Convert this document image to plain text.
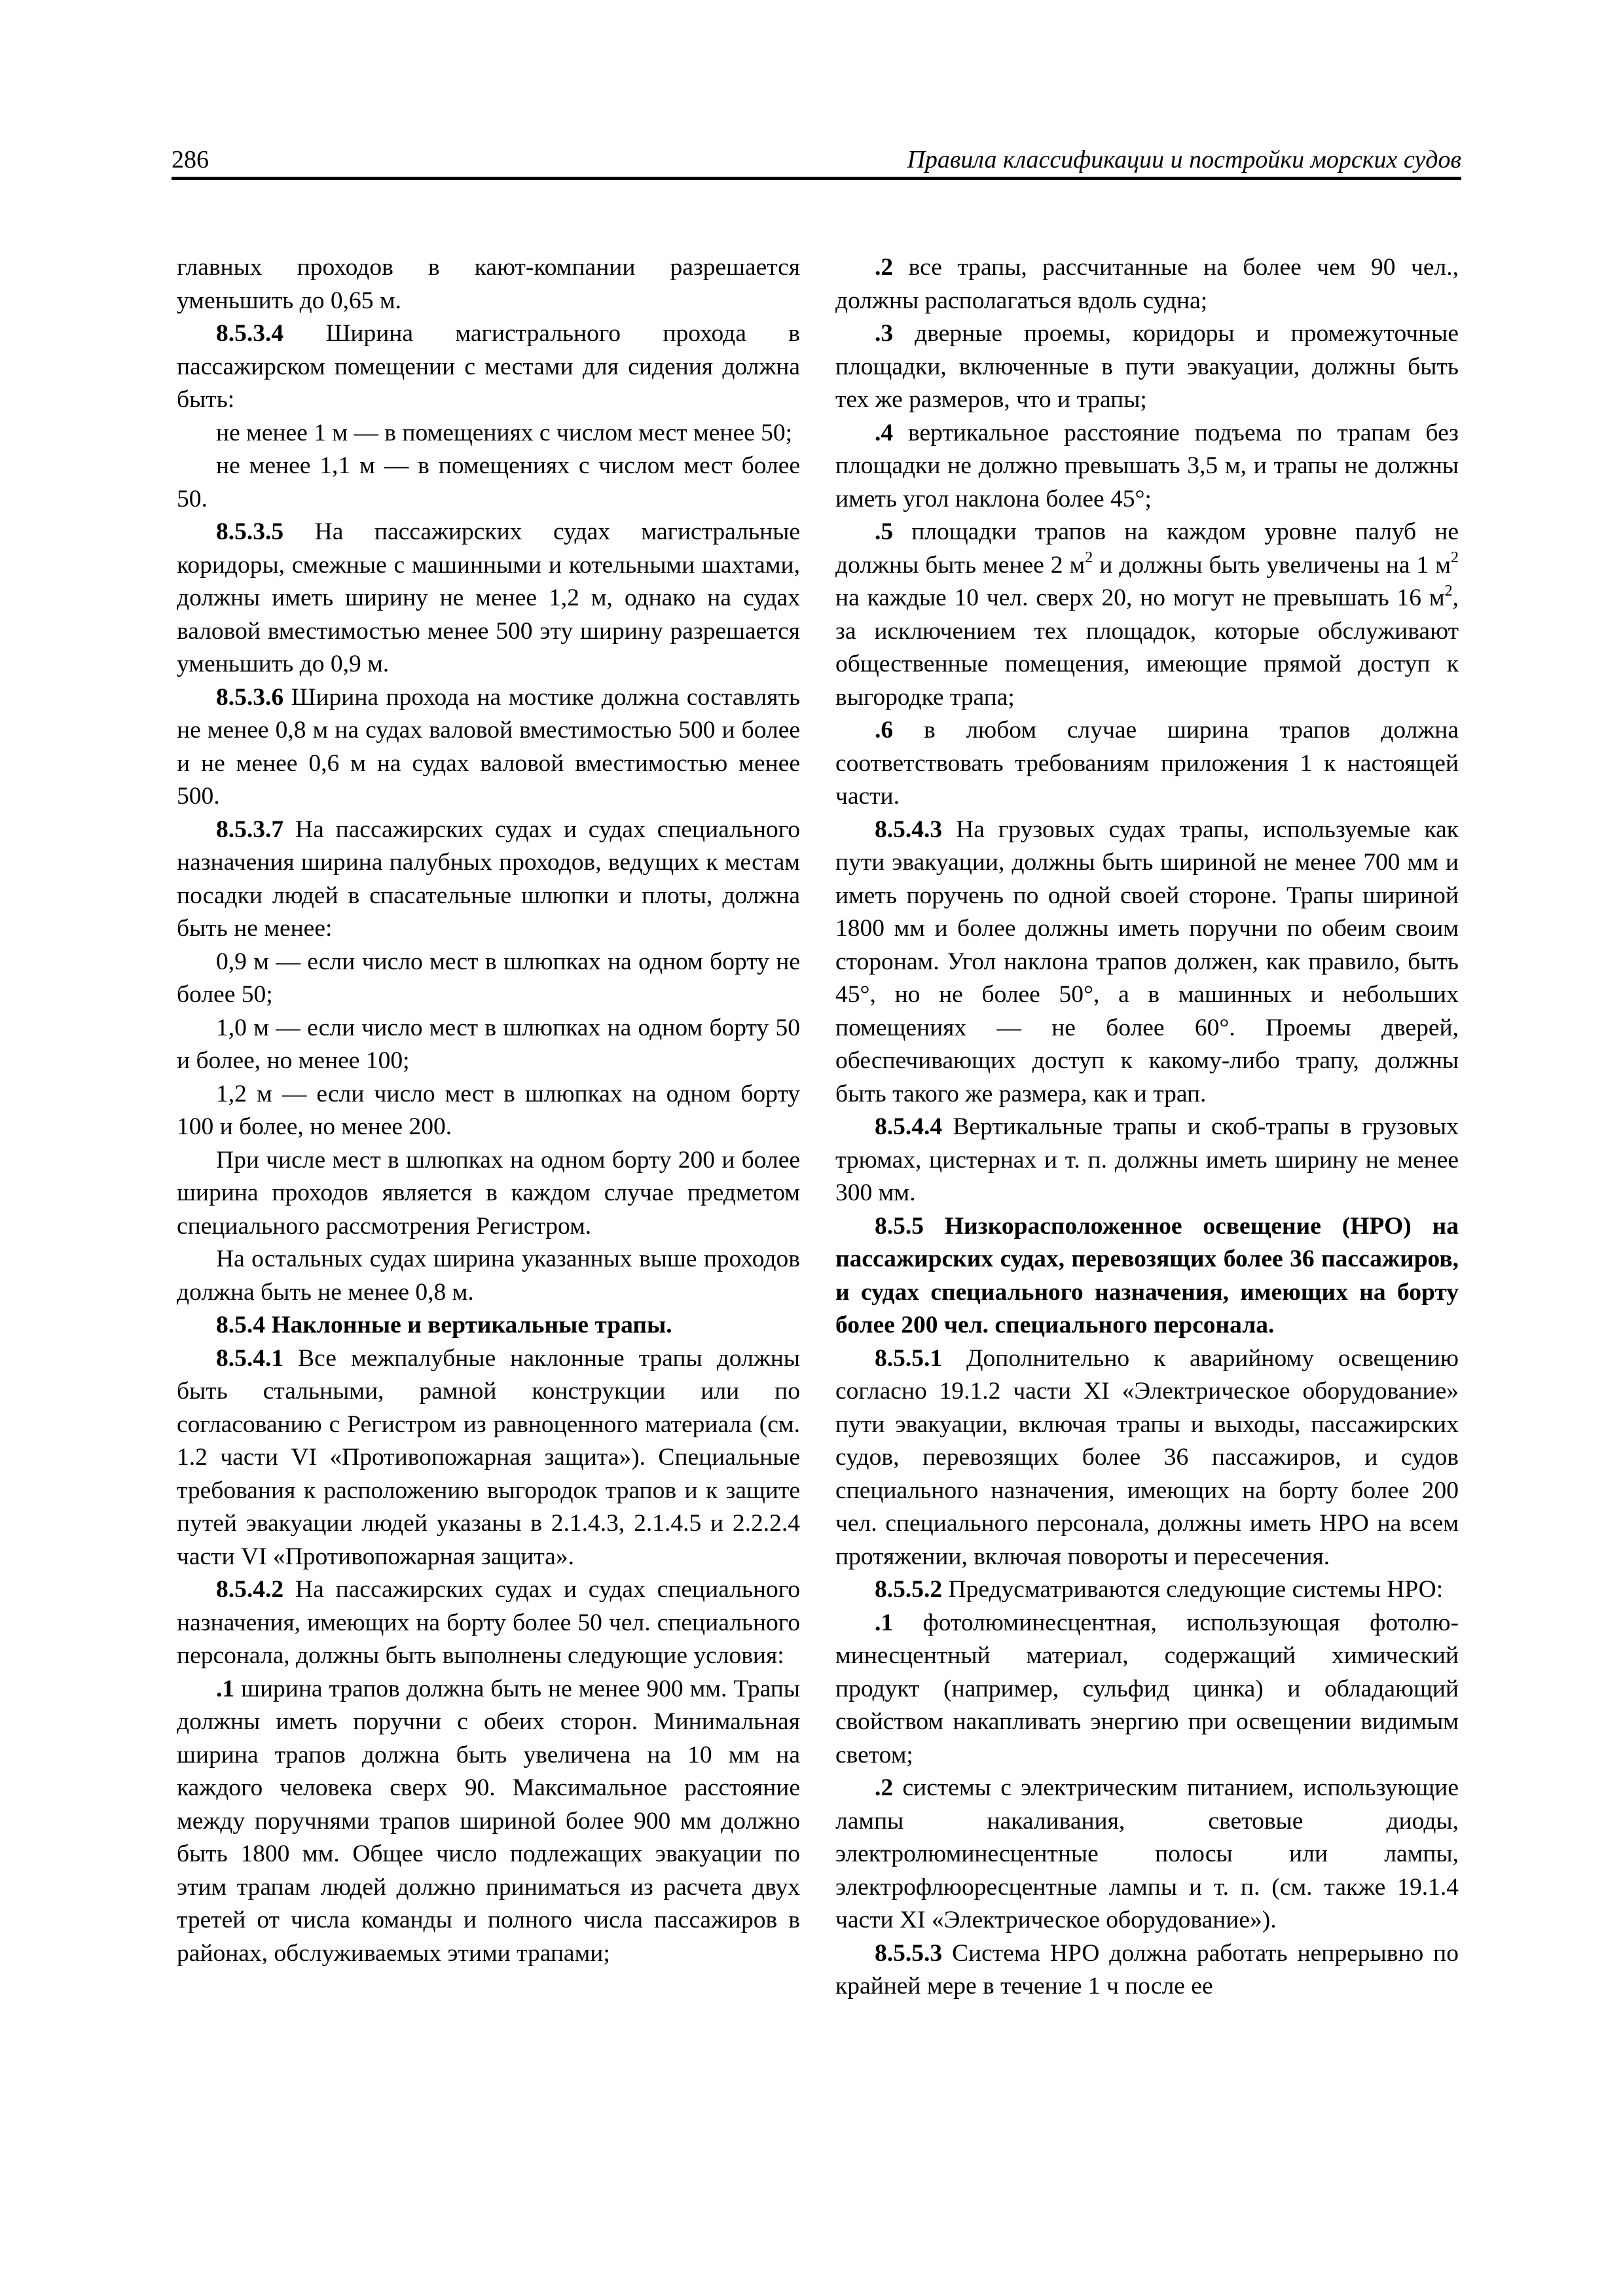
286	Правила классификации и постройки морских судов

главных проходов в кают-компании разрешается уменьшить до 0,65 м.

8.5.3.4 Ширина магистрального прохода в пассажирском помещении с местами для сидения должна быть:

не менее 1 м — в помещениях с числом мест менее 50;

не менее 1,1 м — в помещениях с числом мест более 50.

8.5.3.5 На пассажирских судах магистральные коридоры, смежные с машинными и котельными шахтами, должны иметь ширину не менее 1,2 м, однако на судах валовой вместимостью менее 500 эту ширину разрешается уменьшить до 0,9 м.

8.5.3.6 Ширина прохода на мостике должна составлять не менее 0,8 м на судах валовой вместимостью 500 и более и не менее 0,6 м на судах валовой вместимостью менее 500.

8.5.3.7 На пассажирских судах и судах специального назначения ширина палубных проходов, ведущих к местам посадки людей в спасательные шлюпки и плоты, должна быть не менее:

0,9 м — если число мест в шлюпках на одном борту не более 50;

1,0 м — если число мест в шлюпках на одном борту 50 и более, но менее 100;

1,2 м — если число мест в шлюпках на одном борту 100 и более, но менее 200.

При числе мест в шлюпках на одном борту 200 и более ширина проходов является в каждом случае предметом специального рассмотрения Регистром.

На остальных судах ширина указанных выше проходов должна быть не менее 0,8 м.

8.5.4 Наклонные и вертикальные трапы.

8.5.4.1 Все межпалубные наклонные трапы должны быть стальными, рамной конструкции или по согласованию с Регистром из равноценного материала (см. 1.2 части VI «Противопожарная защита»). Специальные требования к расположению выгородок трапов и к защите путей эвакуации людей указаны в 2.1.4.3, 2.1.4.5 и 2.2.2.4 части VI «Противопожарная защита».

8.5.4.2 На пассажирских судах и судах специального назначения, имеющих на борту более 50 чел. специального персонала, должны быть выполнены следующие условия:

.1 ширина трапов должна быть не менее 900 мм. Трапы должны иметь поручни с обеих сторон. Минимальная ширина трапов должна быть увеличена на 10 мм на каждого человека сверх 90. Максимальное расстояние между поручнями трапов шириной более 900 мм должно быть 1800 мм. Общее число подлежащих эвакуации по этим трапам людей должно приниматься из расчета двух третей от числа команды и полного числа пассажиров в районах, обслуживаемых этими трапами;

.2 все трапы, рассчитанные на более чем 90 чел., должны располагаться вдоль судна;

.3 дверные проемы, коридоры и промежуточные площадки, включенные в пути эвакуации, должны быть тех же размеров, что и трапы;

.4 вертикальное расстояние подъема по трапам без площадки не должно превышать 3,5 м, и трапы не должны иметь угол наклона более 45°;

.5 площадки трапов на каждом уровне палуб не должны быть менее 2 $м^2$ и должны быть увеличены на 1 $м^2$ на каждые 10 чел. сверх 20, но могут не превышать 16 $м^2$, за исключением тех площадок, которые обслуживают общественные помещения, имеющие прямой доступ к выгородке трапа;

.6 в любом случае ширина трапов должна соответствовать требованиям приложения 1 к настоящей части.

8.5.4.3 На грузовых судах трапы, используемые как пути эвакуации, должны быть шириной не менее 700 мм и иметь поручень по одной своей стороне. Трапы шириной 1800 мм и более должны иметь поручни по обеим своим сторонам. Угол наклона трапов должен, как правило, быть 45°, но не более 50°, а в машинных и небольших помещениях — не более 60°. Проемы дверей, обеспечивающих доступ к какому-либо трапу, должны быть такого же размера, как и трап.

8.5.4.4 Вертикальные трапы и скоб-трапы в грузовых трюмах, цистернах и т. п. должны иметь ширину не менее 300 мм.

8.5.5 Низкорасположенное освещение (НРО) на пассажирских судах, перевозящих более 36 пассажиров, и судах специального назначения, имеющих на борту более 200 чел. специального персонала.

8.5.5.1 Дополнительно к аварийному освещению согласно 19.1.2 части XI «Электрическое оборудование» пути эвакуации, включая трапы и выходы, пассажирских судов, перевозящих более 36 пассажиров, и судов специального назначения, имеющих на борту более 200 чел. специального персонала, должны иметь НРО на всем протяжении, включая повороты и пересечения.

8.5.5.2 Предусматриваются следующие системы НРО:

.1 фотолюминесцентная, использующая фотолюминесцентный материал, содержащий химический продукт (например, сульфид цинка) и обладающий свойством накапливать энергию при освещении видимым светом;

.2 системы с электрическим питанием, использующие лампы накаливания, световые диоды, электролюминесцентные полосы или лампы, электрофлюоресцентные лампы и т. п. (см. также 19.1.4 части XI «Электрическое оборудование»).

8.5.5.3 Система НРО должна работать непрерывно по крайней мере в течение 1 ч после ее
